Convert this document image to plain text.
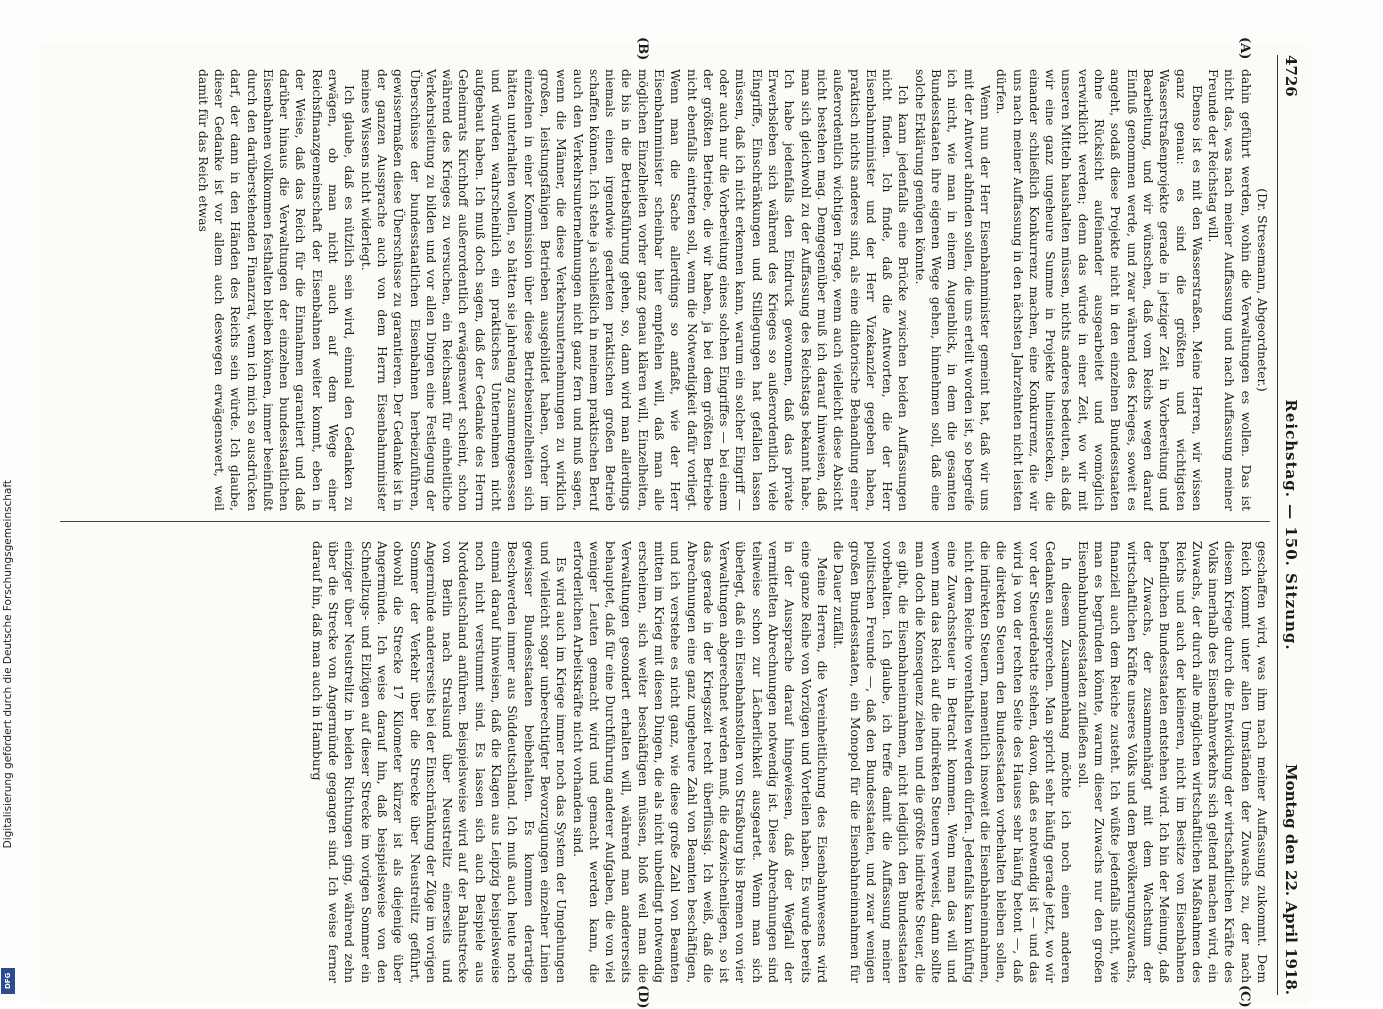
Digitalisierung gefördert durch die Deutsche Forschungsgemeinschaft
DFG
4726
Reichstag. — 150. Sitzung.
Montag den 22. April 1918.
(A)
(B)
(C)
(D)

(Dr. Stresemann, Abgeordneter.)

dahin geführt werden, wohin die Verwaltungen es wollen. Das ist nicht das, was nach meiner Auffassung und nach Auffassung meiner Freunde der Reichstag will.

Ebenso ist es mit den Wasserstraßen. Meine Herren, wir wissen ganz genau: es sind die größten und wichtigsten Wasserstraßenprojekte gerade in jetziger Zeit in Vorbereitung und Bearbeitung, und wir wünschen, daß vom Reichs wegen darauf Einfluß genommen werde, und zwar während des Krieges, soweit es angeht, sodaß diese Projekte nicht in den einzelnen Bundesstaaten ohne Rücksicht aufeinander ausgearbeitet und womöglich verwirklicht werden; denn das würde in einer Zeit, wo wir mit unseren Mitteln haushalten müssen, nichts anderes bedeuten, als daß wir eine ganz ungeheure Summe in Projekte hineinstecken, die einander schließlich Konkurrenz machen, eine Konkurrenz, die wir uns nach meiner Auffassung in den nächsten Jahrzehnten nicht leisten dürfen.

Wenn nun der Herr Eisenbahnminister gemeint hat, daß wir uns mit der Antwort abfinden sollen, die uns erteilt worden ist, so begreife ich nicht, wie man in einem Augenblick, in dem die gesamten Bundesstaaten ihre eigenen Wege gehen, hinnehmen soll, daß eine solche Erklärung genügen könnte.

Ich kann jedenfalls eine Brücke zwischen beiden Auffassungen nicht finden. Ich finde, daß die Antworten, die der Herr Eisenbahnminister und der Herr Vizekanzler gegeben haben, praktisch nichts anderes sind, als eine dilatorische Behandlung einer außerordentlich wichtigen Frage, wenn auch vielleicht diese Absicht nicht bestehen mag. Demgegenüber muß ich darauf hinweisen, daß man sich gleichwohl zu der Auffassung des Reichstags bekannt habe. Ich habe jedenfalls den Eindruck gewonnen, daß das private Erwerbsleben sich während des Krieges so außerordentlich viele Eingriffe, Einschränkungen und Stillegungen hat gefallen lassen müssen, daß ich nicht erkennen kann, warum ein solcher Eingriff — oder auch nur die Vorbereitung eines solchen Eingriffes — bei einem der größten Betriebe, die wir haben, ja bei dem größten Betriebe nicht ebenfalls eintreten soll, wenn die Notwendigkeit dafür vorliegt. Wenn man die Sache allerdings so anfaßt, wie der Herr Eisenbahnminister scheinbar hier empfehlen will, daß man alle möglichen Einzelheiten vorher ganz genau klären will, Einzelheiten, die bis in die Betriebsführung gehen, so, dann wird man allerdings niemals einen irgendwie gearteten praktischen großen Betrieb schaffen können. Ich stehe ja schließlich in meinem praktischen Beruf auch den Verkehrsunternehmungen nicht ganz fern und muß sagen, wenn die Männer, die diese Verkehrsunternehmungen zu wirklich großen, leistungsfähigen Betrieben ausgebildet haben, vorher im einzelnen in einer Kommission über diese Betriebseinzelheiten sich hätten unterhalten wollen, so hätten sie jahrelang zusammengesessen und würden wahrscheinlich ein praktisches Unternehmen nicht aufgebaut haben. Ich muß doch sagen, daß der Gedanke des Herrn Geheimrats Kirchhoff außerordentlich erwägenswert scheint, schon während des Krieges zu versuchen, ein Reichsamt für einheitliche Verkehrsleitung zu bilden und vor allen Dingen eine Festlegung der Überschüsse der bundesstaatlichen Eisenbahnen herbeizuführen, gewissermaßen diese Überschüsse zu garantieren. Der Gedanke ist in der ganzen Aussprache auch von dem Herrn Eisenbahnminister meines Wissens nicht widerlegt.

Ich glaube, daß es nützlich sein wird, einmal den Gedanken zu erwägen, ob man nicht auch auf dem Wege einer Reichsfinanzgemeinschaft der Eisenbahnen weiter kommt, eben in der Weise, daß das Reich für die Einnahmen garantiert und daß darüber hinaus die Verwaltungen der einzelnen bundesstaatlichen Eisenbahnen vollkommen festhalten bleiben können, immer beeinflußt durch den darüberstehenden Finanzrat, wenn ich mich so ausdrücken darf, der dann in den Händen des Reichs sein würde. Ich glaube, dieser Gedanke ist vor allem auch deswegen erwägenswert, weil damit für das Reich etwas

geschaffen wird, was ihm nach meiner Auffassung zukommt. Dem Reich kommt unter allen Umständen der Zuwachs zu, der nach diesem Kriege durch die Entwicklung der wirtschaftlichen Kräfte des Volks innerhalb des Eisenbahnverkehrs sich geltend machen wird, ein Zuwachs, der durch alle möglichen wirtschaftlichen Maßnahmen des Reichs und auch der kleineren, nicht im Besitze von Eisenbahnen befindlichen Bundesstaaten entstehen wird. Ich bin der Meinung, daß der Zuwachs, der zusammenhängt mit dem Wachstum der wirtschaftlichen Kräfte unseres Volks und dem Bevölkerungszuwachs, finanziell auch dem Reiche zusteht. Ich wüßte jedenfalls nicht, wie man es begründen könnte, warum dieser Zuwachs nur den großen Eisenbahnbundesstaaten zufließen soll.

In diesem Zusammenhang möchte ich noch einen anderen Gedanken aussprechen. Man spricht sehr häufig gerade jetzt, wo wir vor der Steuerdebatte stehen, davon, daß es notwendig ist — und das wird ja von der rechten Seite des Hauses sehr häufig betont —, daß die direkten Steuern den Bundesstaaten vorbehalten bleiben sollen, die indirekten Steuern, namentlich insoweit die Eisenbahneinnahmen, nicht dem Reiche vorenthalten werden dürfen. Jedenfalls kann künftig eine Zuwachssteuer in Betracht kommen. Wenn man das will und wenn man das Reich auf die indirekten Steuern verweist, dann sollte man doch die Konsequenz ziehen und die größte indirekte Steuer, die es gibt, die Eisenbahneinnahmen, nicht lediglich den Bundesstaaten vorbehalten. Ich glaube, ich treffe damit die Auffassung meiner politischen Freunde —, daß den Bundesstaaten, und zwar wenigen großen Bundesstaaten, ein Monopol für die Eisenbahneinnahmen für die Dauer zufällt.

Meine Herren, die Vereinheitlichung des Eisenbahnwesens wird eine ganze Reihe von Vorzügen und Vorteilen haben. Es wurde bereits in der Aussprache darauf hingewiesen, daß der Wegfall der vermittelten Abrechnungen notwendig ist. Diese Abrechnungen sind teilweise schon zur Lächerlichkeit ausgeartet. Wenn man sich überlegt, daß ein Eisenbahnstollen von Straßburg bis Bremen von vier Verwaltungen abgerechnet werden muß, die dazwischenliegen, so ist das gerade in der Kriegszeit recht überflüssig. Ich weiß, daß die Abrechnungen eine ganz ungeheure Zahl von Beamten beschäftigen, und ich verstehe es nicht ganz, wie diese große Zahl von Beamten mitten im Krieg mit diesen Dingen, die als nicht unbedingt notwendig erscheinen, sich weiter beschäftigen müssen, bloß weil man die Verwaltungen gesondert erhalten will, während man andererseits behauptet, daß für eine Durchführung anderer Aufgaben, die von viel weniger Leuten gemacht wird und gemacht werden kann, die erforderlichen Arbeitskräfte nicht vorhanden sind.

Es wird auch im Kriege immer noch das System der Umgehungen und vielleicht sogar unberechtigter Bevorzugungen einzelner Linien gewisser Bundesstaaten beibehalten. Es kommen derartige Beschwerden immer aus Süddeutschland. Ich muß auch heute noch einmal darauf hinweisen, daß die Klagen aus Leipzig beispielsweise noch nicht verstummt sind. Es lassen sich auch Beispiele aus Norddeutschland anführen. Beispielsweise wird auf der Bahnstrecke von Berlin nach Stralsund über Neustrelitz einerseits und Angermünde andererseits bei der Einschränkung der Züge im vorigen Sommer der Verkehr über die Strecke über Neustrelitz geführt, obwohl die Strecke 17 Kilometer kürzer ist als diejenige über Angermünde. Ich weise darauf hin, daß beispielsweise von den Schnellzugs- und Eilzügen auf dieser Strecke im vorigen Sommer ein einziger über Neustrelitz in beiden Richtungen ging, während zehn über die Strecke von Angermünde gegangen sind. Ich weise ferner darauf hin, daß man auch in Hamburg
